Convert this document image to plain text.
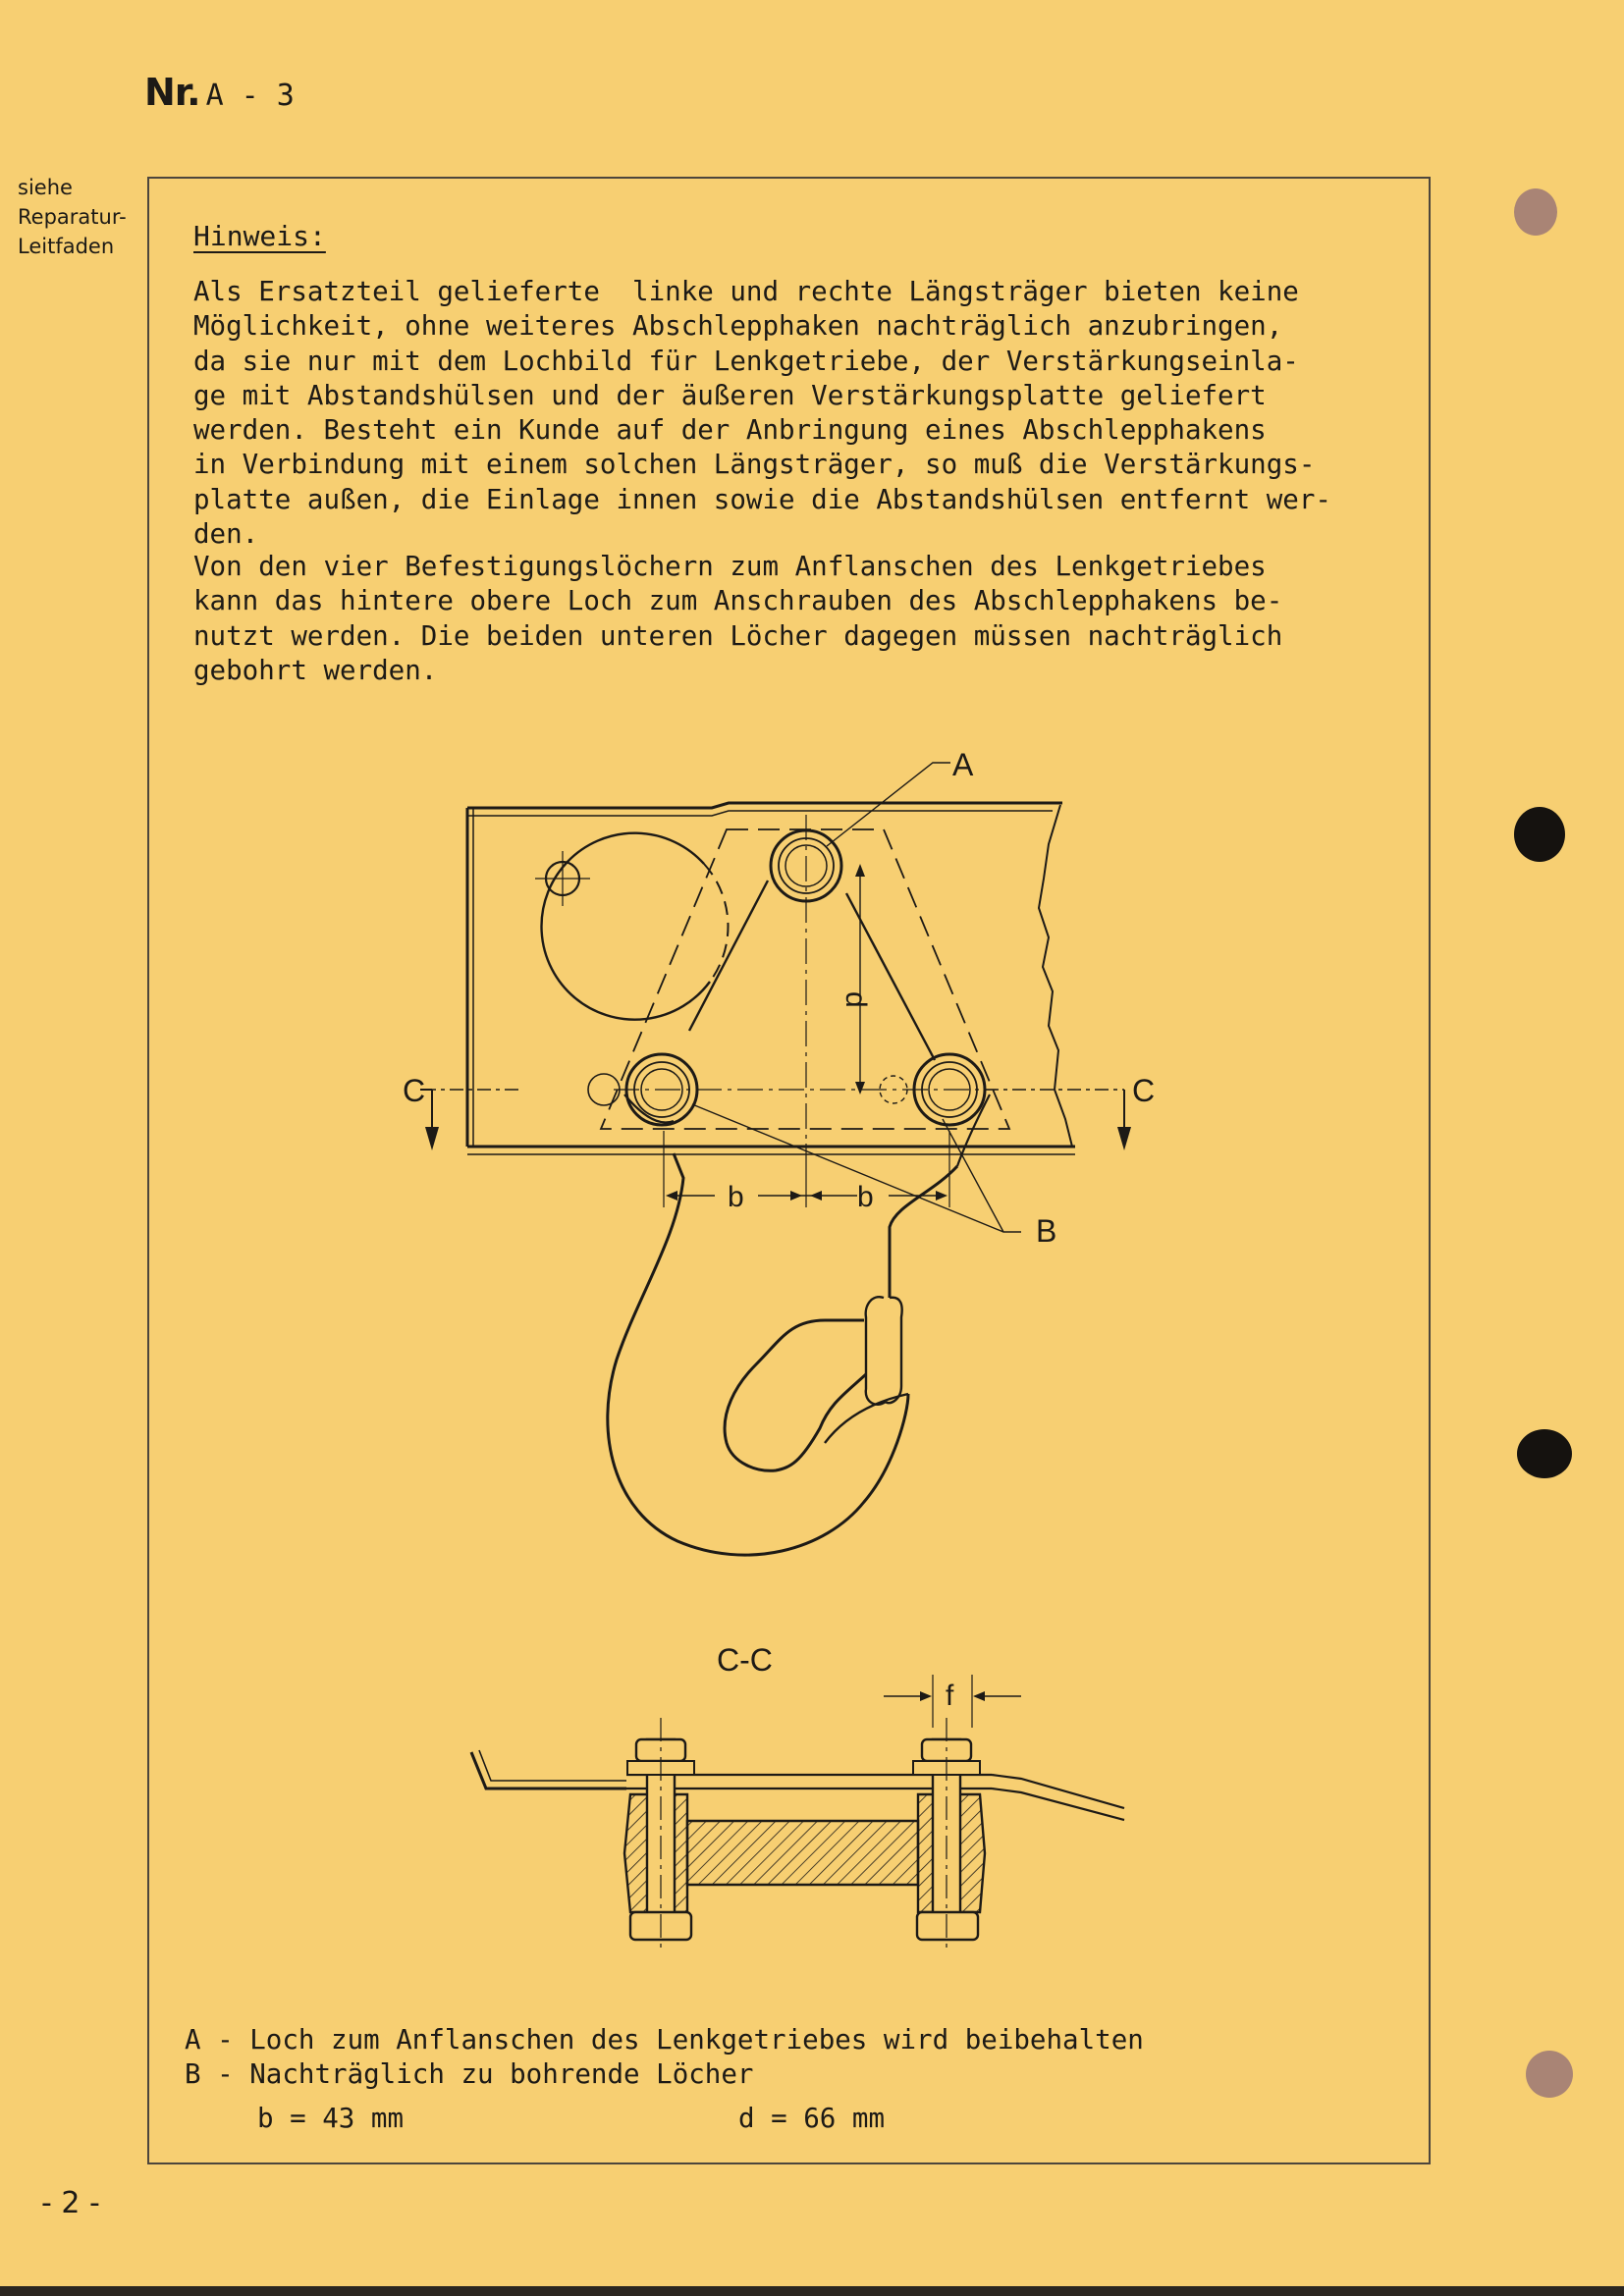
Nr. A - 3
siehe
Reparatur-
Leitfaden	Hinweis:
Als Ersatzteil gelieferte  linke und rechte Längsträger bieten keine
Möglichkeit, ohne weiteres Abschlepphaken nachträglich anzubringen,
da sie nur mit dem Lochbild für Lenkgetriebe, der Verstärkungseinla-
ge mit Abstandshülsen und der äußeren Verstärkungsplatte geliefert
werden. Besteht ein Kunde auf der Anbringung eines Abschlepphakens
in Verbindung mit einem solchen Längsträger, so muß die Verstärkungs-
platte außen, die Einlage innen sowie die Abstandshülsen entfernt wer-
den.
Von den vier Befestigungslöchern zum Anflanschen des Lenkgetriebes
kann das hintere obere Loch zum Anschrauben des Abschlepphakens be-
nutzt werden. Die beiden unteren Löcher dagegen müssen nachträglich
gebohrt werden.
A
B
C	C
b	b
d
C-C
f
A - Loch zum Anflanschen des Lenkgetriebes wird beibehalten
B - Nachträglich zu bohrende Löcher
b = 43 mm	d = 66 mm
- 2 -
